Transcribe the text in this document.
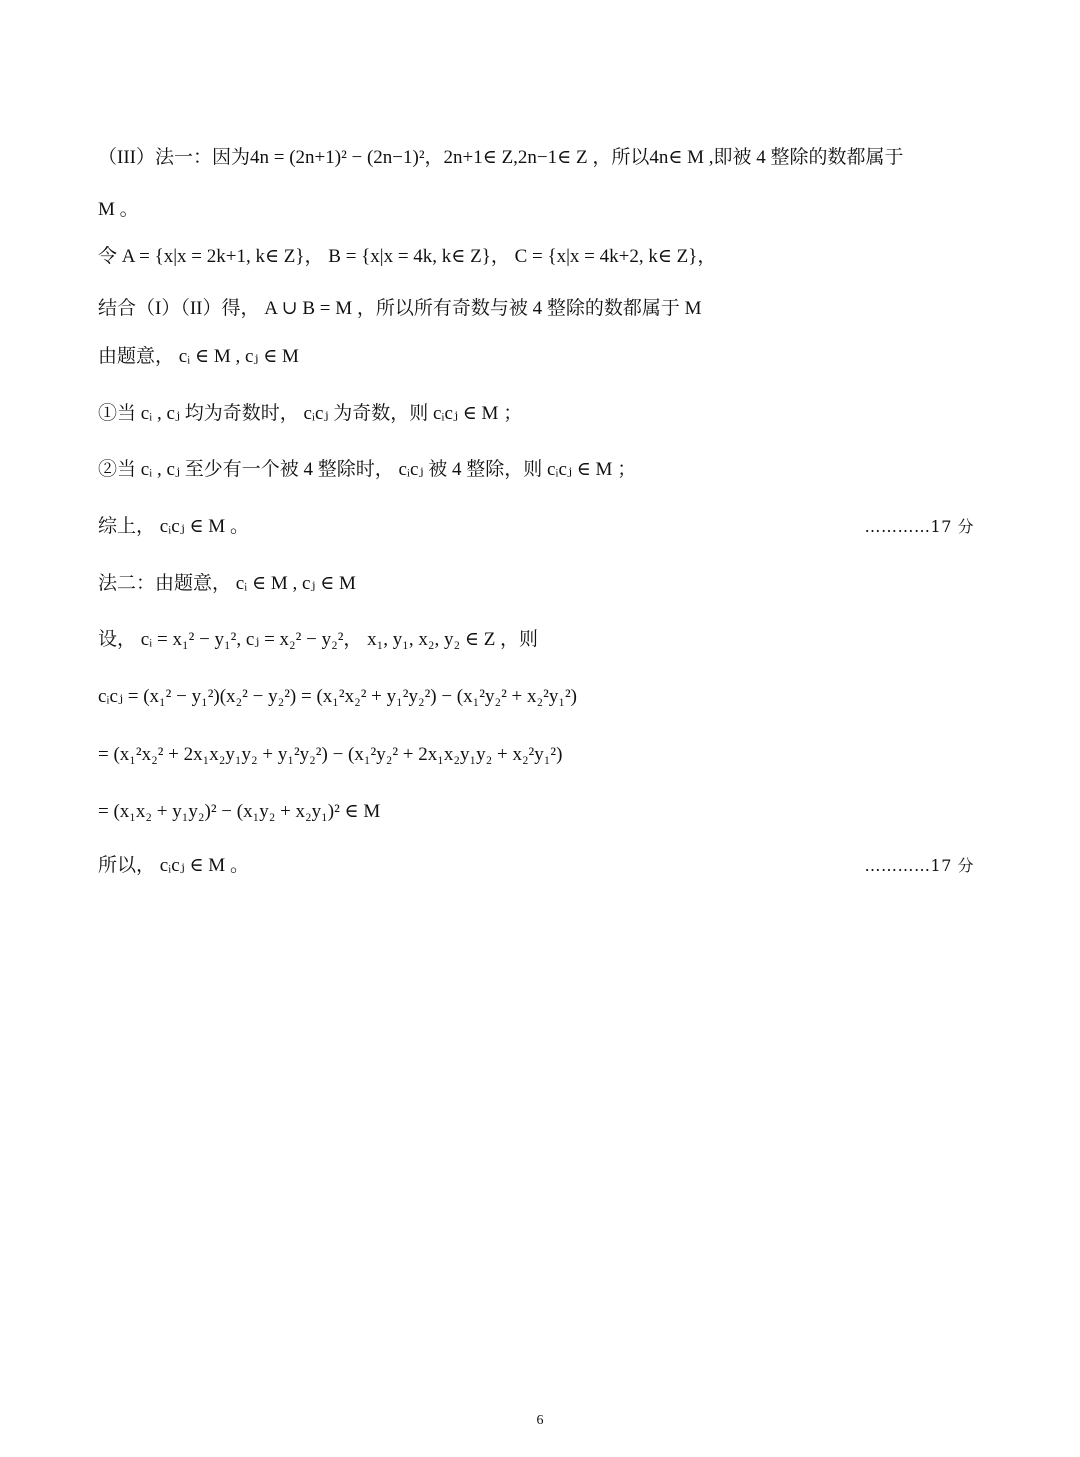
（III）法一：因为4n = (2n+1)² − (2n−1)²，2n+1∈ Z,2n−1∈ Z ，所以4n∈ M ,即被 4 整除的数都属于
M 。
令 A = {x|x = 2k+1, k∈ Z}， B = {x|x = 4k, k∈ Z}， C = {x|x = 4k+2, k∈ Z}，
结合（I）（II）得， A ∪ B = M ，所以所有奇数与被 4 整除的数都属于 M
由题意， cᵢ ∈ M , cⱼ ∈ M
①当 cᵢ , cⱼ 均为奇数时， cᵢcⱼ 为奇数，则 cᵢcⱼ ∈ M ；
②当 cᵢ , cⱼ 至少有一个被 4 整除时， cᵢcⱼ 被 4 整除，则 cᵢcⱼ ∈ M ；
综上， cᵢcⱼ ∈ M 。	…………17 分
法二：由题意， cᵢ ∈ M , cⱼ ∈ M
设， cᵢ = x₁² − y₁², cⱼ = x₂² − y₂²， x₁, y₁, x₂, y₂ ∈ Z ，则
cᵢcⱼ = (x₁² − y₁²)(x₂² − y₂²) = (x₁²x₂² + y₁²y₂²) − (x₁²y₂² + x₂²y₁²)
= (x₁²x₂² + 2x₁x₂y₁y₂ + y₁²y₂²) − (x₁²y₂² + 2x₁x₂y₁y₂ + x₂²y₁²)
= (x₁x₂ + y₁y₂)² − (x₁y₂ + x₂y₁)² ∈ M
所以， cᵢcⱼ ∈ M 。	…………17 分
6
